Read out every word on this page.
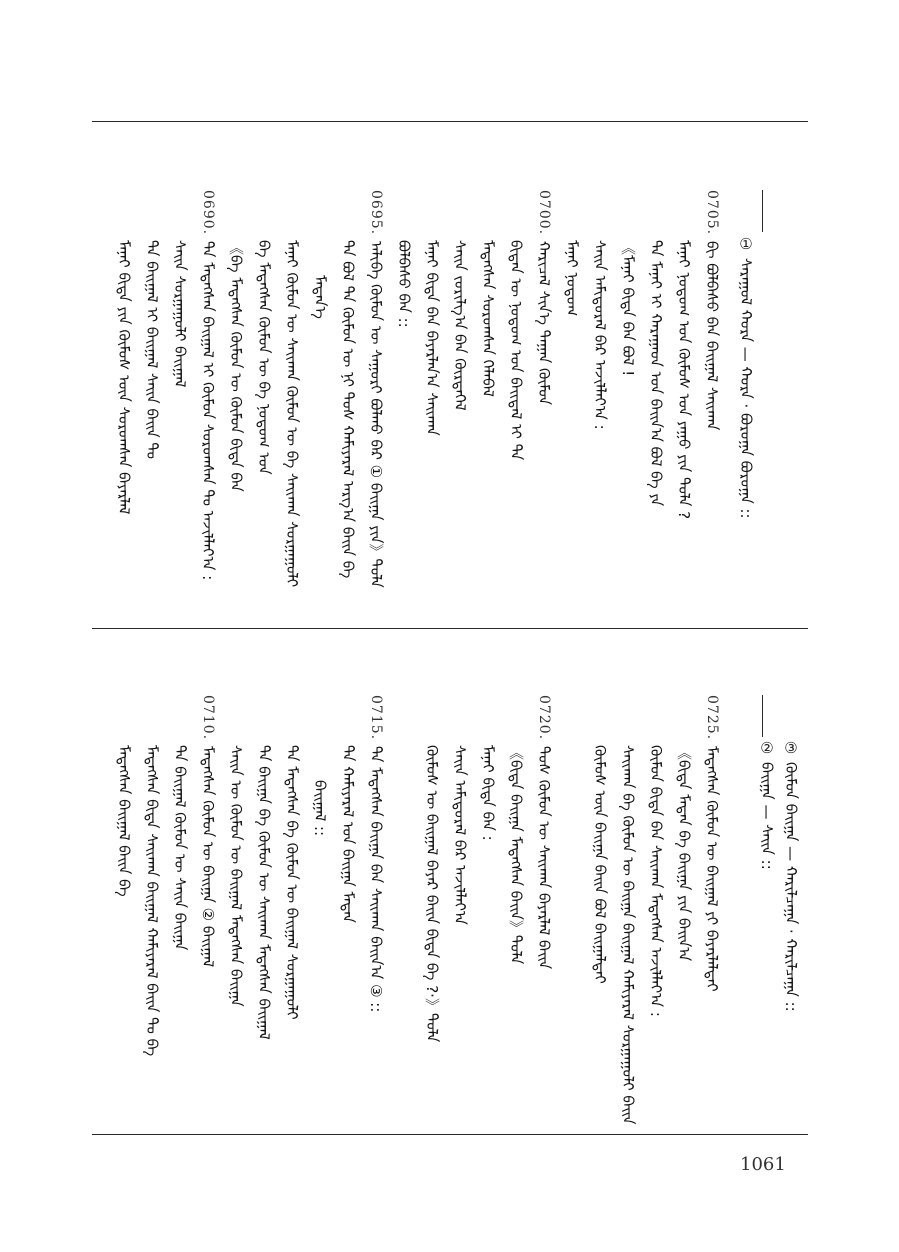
①
ᠰᠠᠷᠠᠭᠤᠯ ᠬᠤᠷᠠ — ᠬᠤᠷᠠ · ᠪᠤᠷᠤᠭᠠ ᠪᠤᠷᠤᠭᠠ ::
0705.
ᠪᠢ ᠪᠣᠯᠪᠠᠰᠤ ᠪᠠᠨ ᠪᠠᠢᠭᠠᠯ ᠰᠠᠢᠬᠠᠨ
ᠮᠠᠨᠠᠢ ᠨᠤᠲᠤᠭ ᠤᠨ ᠬᠦᠮᠦᠰ ᠤᠨ ᠶᠠᠭᠤ ᠶᠢᠨ ᠲᠤᠯᠠ ?
ᠲᠠ ᠮᠠᠨᠠᠢ ᠢ ᠬᠠᠷᠠᠭᠠᠳ ᠤᠨ ᠪᠠᠢᠨ᠎ᠠ ᠪᠣᠯ ᠪᠠ ᠶᠠ
《ᠮᠠᠨᠠᠢ ᠪᠢᠳᠡ ᠪᠠᠨ ᠪᠣᠯ !
ᠰᠠᠢᠨ ᠠᠮᠢᠳᠤᠷᠠᠯ ᠪᠠᠷ ᠠᠵᠢᠯᠯᠠᠶ᠎ᠠ :
ᠮᠠᠨᠠᠢ ᠨᠤᠲᠤᠭ
0700.
ᠬᠠᠷᠢᠴᠠᠯ ᠰᠢᠨ᠎ᠡ ᠳᠠᠭᠠᠨ ᠬᠦᠮᠦᠨ
ᠪᠢᠳᠡᠨ ᠦ ᠨᠤᠲᠤᠭ ᠤᠨ ᠪᠠᠢᠳᠠᠯ ᠢ ᠲᠠ
ᠮᠡᠳᠡᠭᠰᠡᠨ ᠰᠤᠷᠤᠭᠰᠠᠨ ᠬᠡᠯᠡᠪᠡᠯ
ᠰᠠᠢᠨ ᠵᠣᠷᠢᠯᠭ᠎ᠠ ᠪᠠᠨ ᠬᠦᠷᠲᠡᠭᠡᠯ
ᠮᠠᠨᠠᠢ ᠪᠢᠳᠡ ᠪᠠᠨ ᠪᠠᠶᠠᠷᠯᠠᠨ᠎ᠠ ᠰᠠᠢᠬᠠᠨ
ᠪᠣᠯᠪᠠᠰᠤ ᠪᠠᠨ ::
0695.
ᠠᠯᠢᠪᠠ ᠬᠦᠮᠦᠨ ᠦ ᠰᠠᠭᠤᠷᠢ ᠪᠣᠯᠬᠤ ᠪᠠᠷ ① ᠪᠠᠢᠭᠠ ᠶᠢᠨ》ᠲᠤᠯᠠ
ᠲᠡ ᠪᠣᠯ ᠲᠠ ᠬᠦᠮᠦᠨ ᠦ ᠨᠢ ᠲᠤᠰ ᠬᠠᠮᠢᠶᠠᠷᠠᠯ ᠠᠷᠭ᠎ᠠ ᠪᠠᠢᠨ ᠪᠠ
ᠮᠡᠳᠡᠨ᠎ᠡ
ᠮᠠᠨᠠᠢ ᠬᠦᠮᠦᠨ ᠦ ᠰᠠᠢᠬᠠᠨ ᠬᠦᠮᠦᠨ ᠦ ᠪᠠ ᠰᠠᠢᠬᠠᠨ ᠰᠤᠷᠭᠠᠭᠤᠯᠢ
ᠪᠠ ᠮᠡᠳᠡᠭᠰᠡᠨ ᠬᠦᠮᠦᠨ ᠦ ᠪᠠ ᠨᠤᠲᠤᠭ ᠤᠨ
《ᠪᠠ ᠮᠡᠳᠡᠭᠰᠡᠨ ᠬᠦᠮᠦᠨ ᠦ ᠬᠦᠮᠦᠨ ᠪᠢᠳᠡ ᠪᠠᠨ
0690.
ᠲᠠ ᠮᠡᠳᠡᠭᠰᠡᠨ ᠪᠠᠢᠭᠠᠯ ᠢ ᠬᠦᠮᠦᠨ ᠰᠤᠷᠤᠭᠰᠠᠨ ᠲᠤ ᠠᠵᠢᠯᠯᠠᠶ᠎ᠠ :
ᠰᠠᠢᠨ ᠰᠤᠷᠭᠠᠭᠤᠯᠢ ᠪᠠᠢᠭᠠᠯ
ᠲᠠ ᠪᠠᠢᠭᠠᠯ ᠢ ᠪᠠᠢᠭᠠᠯ ᠰᠠᠢᠨ ᠪᠠᠢᠨ ᠲᠤ
ᠮᠠᠨᠠᠢ ᠪᠢᠳᠡ ᠶᠢᠨ ᠬᠦᠮᠦᠰ ᠦᠨ ᠰᠤᠷᠤᠭᠰᠠᠨ ᠪᠠᠶᠠᠷᠯᠠᠯ
③
ᠬᠦᠮᠦᠨ ᠪᠠᠢᠭᠠ — ᠬᠠᠷᠢᠯᠴᠠᠭᠠ · ᠬᠠᠷᠢᠯᠴᠠᠭᠠ ::
②
ᠪᠠᠢᠭᠠ — ᠰᠠᠢᠨ ::
0725.
ᠮᠡᠳᠡᠭᠰᠡᠨ ᠬᠦᠮᠦᠨ ᠦ ᠪᠠᠢᠭᠠᠯ ᠶᠢ ᠪᠠᠶᠠᠷᠯᠠᠯᠲᠠᠢ
《ᠪᠢᠳᠡ ᠮᠡᠳᠡᠨ ᠪᠠ ᠪᠠᠢᠭᠠ ᠶᠢᠨ ᠪᠠᠢᠨ᠎ᠠ
ᠬᠦᠮᠦᠨ ᠪᠢᠳᠡ ᠪᠠᠨ ᠰᠠᠢᠬᠠᠨ ᠮᠡᠳᠡᠭᠰᠡᠨ ᠠᠵᠢᠯᠯᠠᠶ᠎ᠠ :
ᠰᠠᠢᠬᠠᠨ ᠪᠠ ᠬᠦᠮᠦᠨ ᠦ ᠪᠠᠢᠭᠠ ᠪᠠᠢᠭᠠᠯ ᠬᠠᠮᠢᠶᠠᠷᠠᠯ ᠰᠤᠷᠭᠠᠭᠤᠯᠢ ᠪᠠᠢᠨ
ᠬᠦᠮᠦᠰ ᠦᠨ ᠪᠠᠢᠭᠠ ᠪᠠᠢᠨ ᠪᠣᠯ ᠪᠠᠢᠭᠠᠯᠲᠠᠢ
0720.
ᠲᠤᠰ ᠬᠦᠮᠦᠨ ᠦ ᠰᠠᠢᠬᠠᠨ ᠪᠠᠶᠠᠷᠯᠠᠯ ᠪᠠᠢᠨ
《ᠪᠢᠳᠡ ᠪᠠᠢᠭᠠ ᠮᠡᠳᠡᠭᠰᠡᠨ ᠪᠠᠢᠨ》ᠲᠤᠯᠠ
ᠮᠠᠨᠠᠢ ᠪᠢᠳᠡ ᠪᠠᠨ :
ᠰᠠᠢᠨ ᠠᠮᠢᠳᠤᠷᠠᠯ ᠪᠠᠷ ᠠᠵᠢᠯᠯᠠᠶ᠎ᠠ
ᠬᠦᠮᠦᠰ ᠦ ᠪᠠᠢᠭᠠᠯ ᠪᠠᠶᠠᠷ ᠪᠠᠢᠨ ᠪᠢᠳᠡ ᠪᠠ ?·》ᠲᠤᠯᠠ
0715.
ᠲᠠ ᠮᠡᠳᠡᠭᠰᠡᠨ ᠪᠠᠢᠭᠠ ᠪᠠᠨ ᠰᠠᠢᠬᠠᠨ ᠪᠠᠢᠨ᠎ᠠ ③ ::
ᠲᠠ ᠬᠠᠮᠢᠶᠠᠷᠠᠯ ᠤᠨ ᠪᠠᠢᠭᠠ ᠮᠡᠳᠡᠨ
ᠪᠠᠢᠭᠠᠯ ::
ᠲᠠ ᠮᠡᠳᠡᠭᠰᠡᠨ ᠪᠠ ᠬᠦᠮᠦᠨ ᠦ ᠪᠠᠢᠭᠠᠯ ᠰᠤᠷᠭᠠᠭᠤᠯᠢ
ᠲᠠ ᠪᠠᠢᠭᠠ ᠪᠠ ᠬᠦᠮᠦᠨ ᠦ ᠰᠠᠢᠬᠠᠨ ᠮᠡᠳᠡᠭᠰᠡᠨ ᠪᠠᠢᠭᠠᠯ
ᠰᠠᠢᠨ ᠦ ᠬᠦᠮᠦᠨ ᠦ ᠪᠠᠢᠭᠠᠯ ᠮᠡᠳᠡᠭᠰᠡᠨ ᠪᠠᠢᠭᠠ
0710.
ᠮᠡᠳᠡᠭᠰᠡᠨ ᠬᠦᠮᠦᠨ ᠦ ᠪᠠᠢᠭᠠ ② ᠪᠠᠢᠭᠠᠯ
ᠲᠠ ᠪᠠᠢᠭᠠᠯ ᠬᠦᠮᠦᠨ ᠦ ᠰᠠᠢᠨ ᠪᠠᠢᠭᠠ
ᠮᠡᠳᠡᠭᠰᠡᠨ ᠪᠢᠳᠡ ᠰᠠᠢᠬᠠᠨ ᠪᠠᠢᠭᠠᠯ ᠬᠠᠮᠢᠶᠠᠷᠠᠯ ᠪᠠᠢᠨ ᠲᠤ ᠪᠠ
ᠮᠡᠳᠡᠭᠰᠡᠨ ᠪᠠᠢᠭᠠᠯ ᠪᠠᠢᠨ ᠪᠠ
1061
